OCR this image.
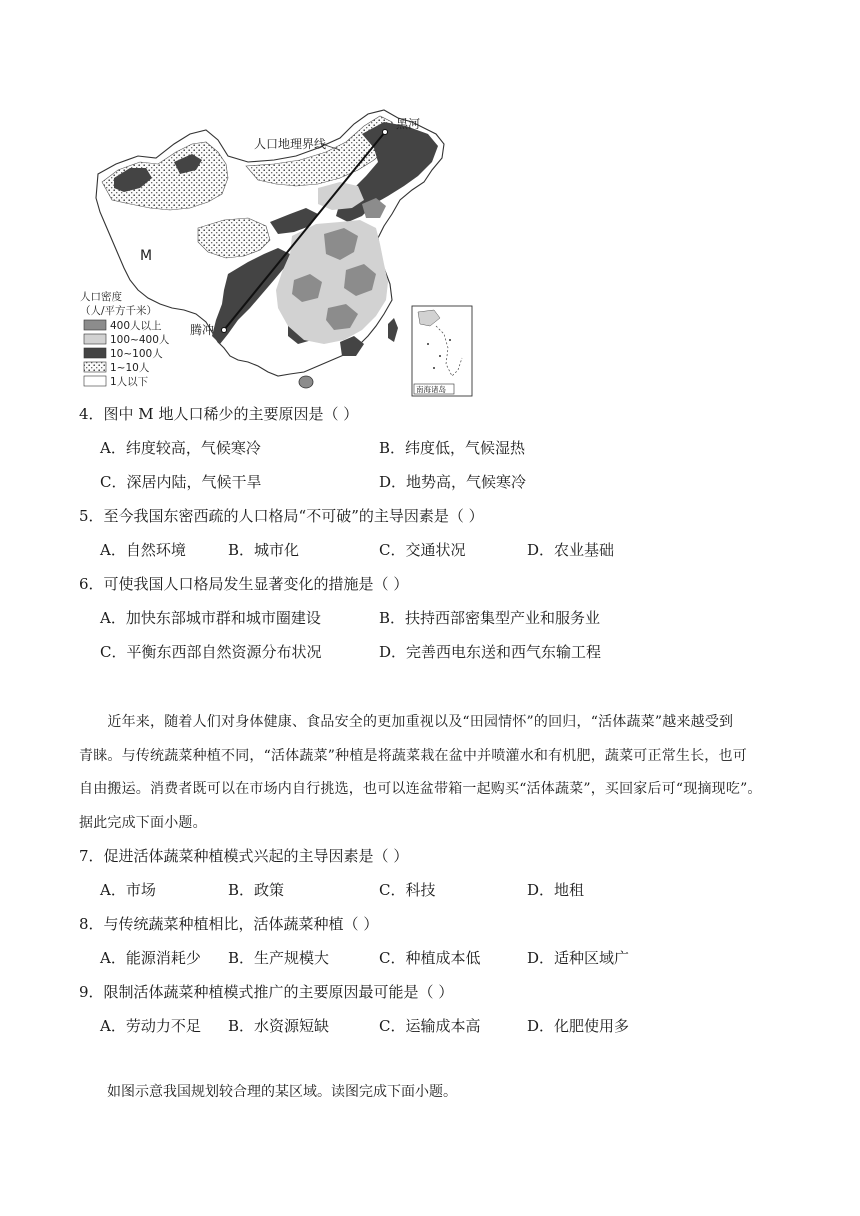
黑河
人口地理界线
M
腾冲
人口密度
（人/平方千米）
400人以上
100~400人
10~100人
1~10人
1人以下
南海诸岛
4．图中 M 地人口稀少的主要原因是（ ）
A．纬度较高，气候寒冷	B．纬度低，气候湿热
C．深居内陆，气候干旱	D．地势高，气候寒冷
5．至今我国东密西疏的人口格局“不可破”的主导因素是（ ）
A．自然环境	B．城市化	C．交通状况	D．农业基础
6．可使我国人口格局发生显著变化的措施是（ ）
A．加快东部城市群和城市圈建设	B．扶持西部密集型产业和服务业
C．平衡东西部自然资源分布状况	D．完善西电东送和西气东输工程

　　近年来，随着人们对身体健康、食品安全的更加重视以及“田园情怀”的回归，“活体蔬菜”越来越受到

青睐。与传统蔬菜种植不同，“活体蔬菜”种植是将蔬菜栽在盆中并喷灌水和有机肥，蔬菜可正常生长，也可

自由搬运。消费者既可以在市场内自行挑选，也可以连盆带箱一起购买“活体蔬菜”，买回家后可“现摘现吃”。

据此完成下面小题。

7．促进活体蔬菜种植模式兴起的主导因素是（ ）
A．市场	B．政策	C．科技	D．地租
8．与传统蔬菜种植相比，活体蔬菜种植（ ）
A．能源消耗少 B．生产规模大	C．种植成本低	D．适种区域广
9．限制活体蔬菜种植模式推广的主要原因最可能是（ ）
A．劳动力不足 B．水资源短缺	C．运输成本高	D．化肥使用多
　　如图示意我国规划较合理的某区域。读图完成下面小题。
